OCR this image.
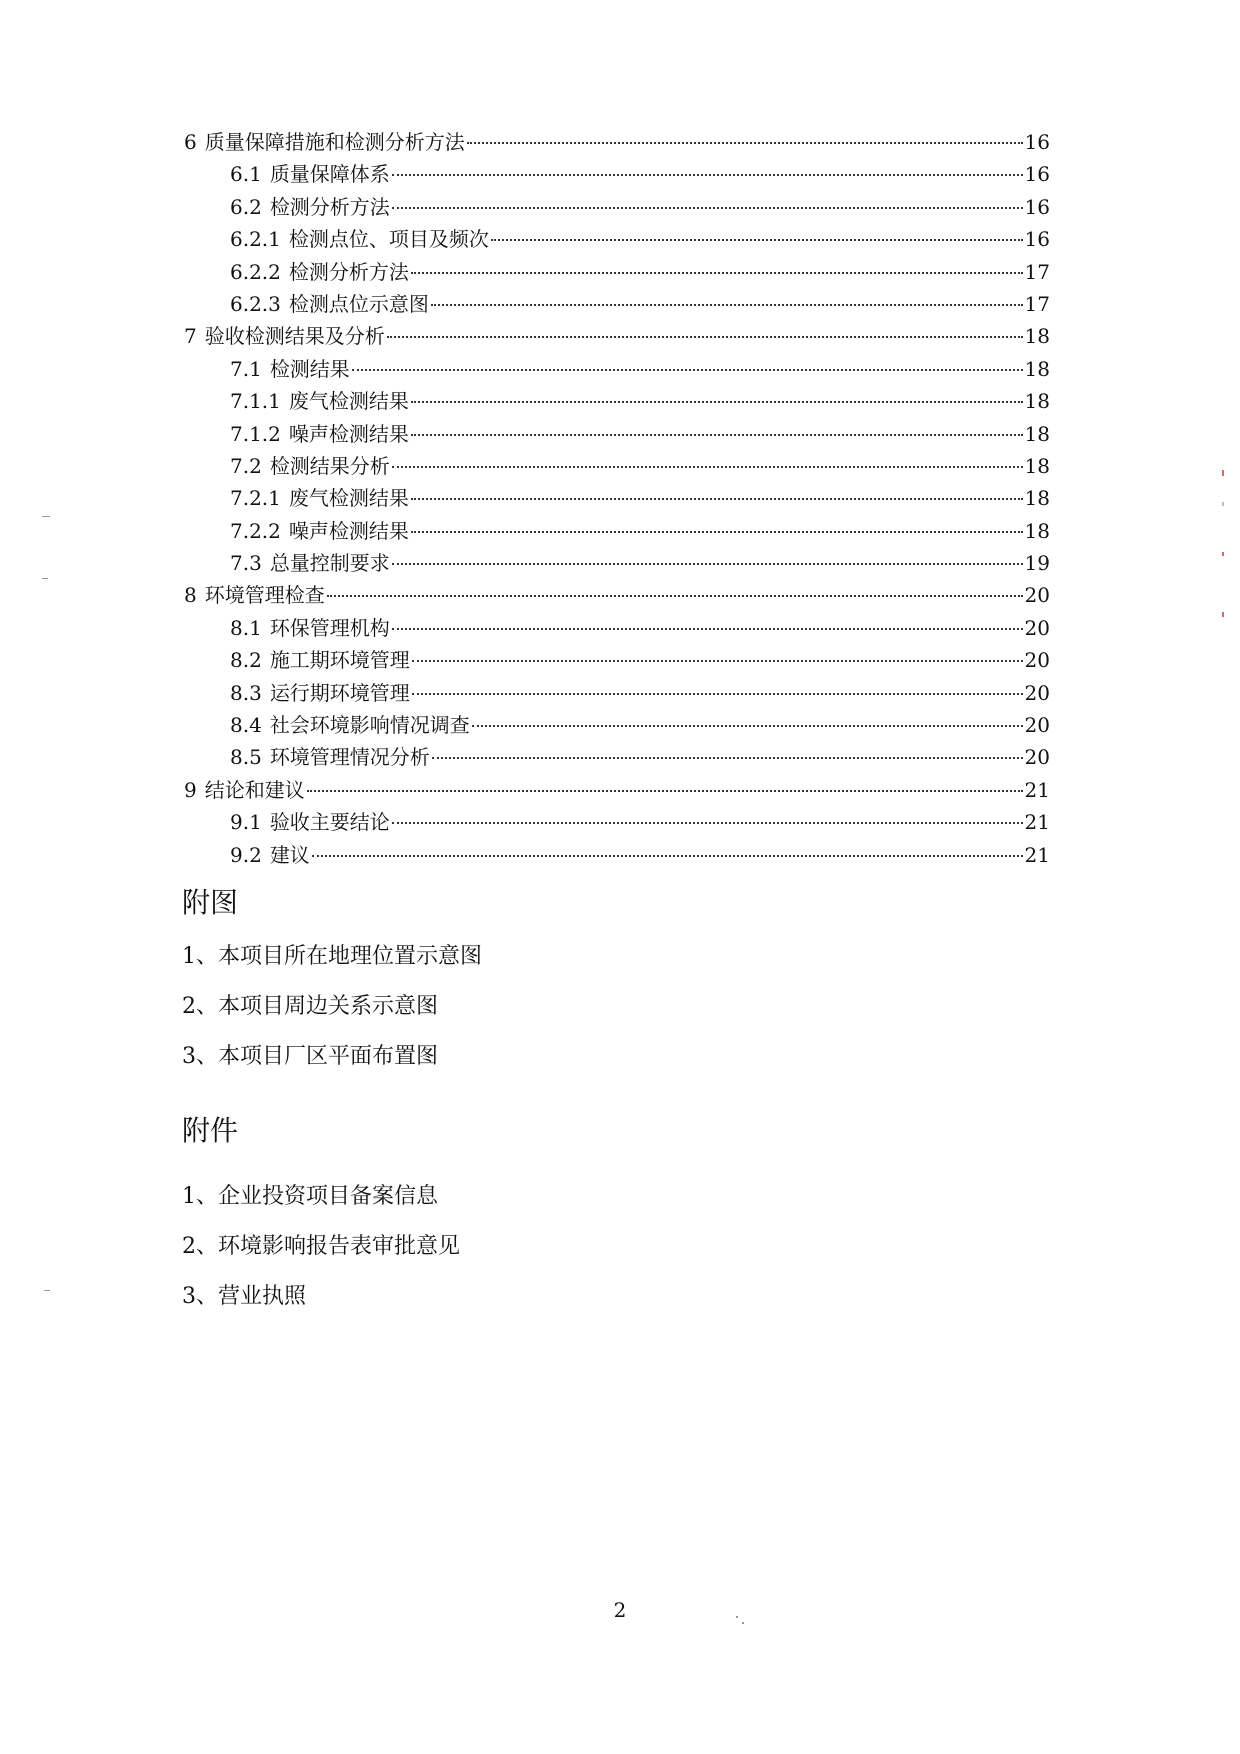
6 质量保障措施和检测分析方法	16
6.1 质量保障体系	16
6.2 检测分析方法	16
6.2.1 检测点位、项目及频次	16
6.2.2 检测分析方法	17
6.2.3 检测点位示意图	17
7 验收检测结果及分析	18
7.1 检测结果	18
7.1.1 废气检测结果	18
7.1.2 噪声检测结果	18
7.2 检测结果分析	18
7.2.1 废气检测结果	18
7.2.2 噪声检测结果	18
7.3 总量控制要求	19
8 环境管理检查	20
8.1 环保管理机构	20
8.2 施工期环境管理	20
8.3 运行期环境管理	20
8.4 社会环境影响情况调查	20
8.5 环境管理情况分析	20
9 结论和建议	21
9.1 验收主要结论	21
9.2 建议	21
附图
1、本项目所在地理位置示意图
2、本项目周边关系示意图
3、本项目厂区平面布置图
附件
1、企业投资项目备案信息
2、环境影响报告表审批意见
3、营业执照
2
